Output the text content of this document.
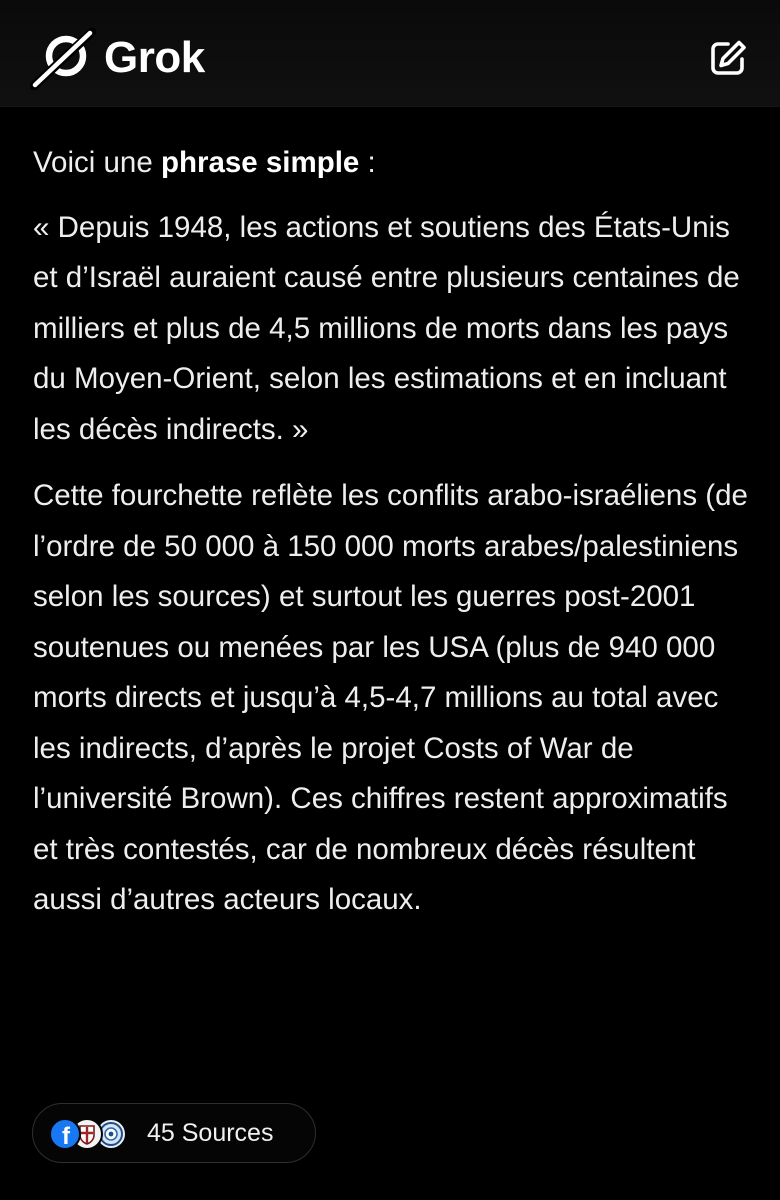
Grok

Voici une phrase simple :

« Depuis 1948, les actions et soutiens des États-Unis et d’Israël auraient causé entre plusieurs centaines de milliers et plus de 4,5 millions de morts dans les pays du Moyen-Orient, selon les estimations et en incluant les décès indirects. »

Cette fourchette reflète les conflits arabo-israéliens (de l’ordre de 50 000 à 150 000 morts arabes/palestiniens selon les sources) et surtout les guerres post-2001 soutenues ou menées par les USA (plus de 940 000 morts directs et jusqu’à 4,5-4,7 millions au total avec les indirects, d’après le projet Costs of War de l’université Brown). Ces chiffres restent approximatifs et très contestés, car de nombreux décès résultent aussi d’autres acteurs locaux.

f	45 Sources
